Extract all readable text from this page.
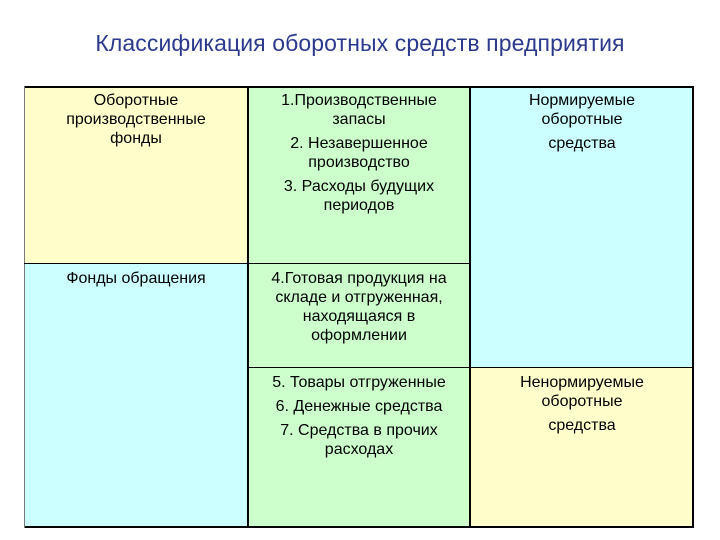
Классификация оборотных средств предприятия
Оборотные
производственные
фонды
Фонды обращения

1.Производственные запасы

2. Незавершенное производство

3. Расходы будущих периодов

4.Готовая продукция на складе и отгруженная, находящаяся в оформлении

5. Товары отгруженные

6. Денежные средства

7. Средства в прочих расходах

Нормируемые
оборотные
средства
Ненормируемые
оборотные
средства
